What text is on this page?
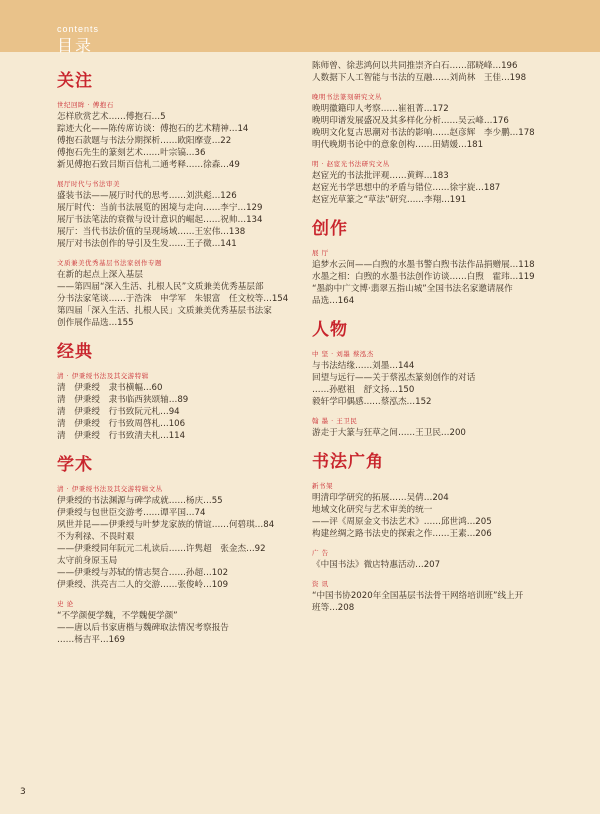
contents
目录
关注
世纪回眸 · 傅抱石
怎样欣赏艺术……傅抱石…5
踪迹大化——陈传席访谈：傅抱石的艺术精神…14
傅抱石款题与书法分期探析……欧阳摩壹…22
傅抱石先生的篆刻艺术……叶宗镐…36
新见傅抱石致吕斯百信札二通考释……徐森…49
展厅时代与书法审美
盛装书法——展厅时代的思考……刘洪彪…126
展厅时代：当前书法展览的困境与走向……李宁…129
展厅书法笔法的衰微与设计意识的崛起……祝帅…134
展厅：当代书法价值的呈现场域……王宏伟…138
展厅对书法创作的导引及生发……王子微…141
文质兼美优秀基层书法家创作专题
在新的起点上深入基层
——第四届“深入生活、扎根人民”文质兼美优秀基层部
分书法家笔谈……于浩洙　申学军　朱银富　任文校等…154
第四届「深入生活、扎根人民」文质兼美优秀基层书法家
创作展作品选…155
经典
清 · 伊秉绶书法及其交游特辑
清　伊秉绶　隶书横幅…60
清　伊秉绶　隶书临西狭颂轴…89
清　伊秉绶　行书致阮元札…94
清　伊秉绶　行书致周啓札…106
清　伊秉绶　行书致清夫札…114
学术
清 · 伊秉绶书法及其交游特辑文丛
伊秉绶的书法渊源与碑学成就……杨庆…55
伊秉绶与包世臣交游考……谭平国…74
夙世并昆——伊秉绶与叶梦龙家族的情谊……何碧琪…84
不为利禄、不畏时艰
——伊秉绶同年阮元二札读后……许隽超　张金杰…92
太守前身原玉局
——伊秉绶与苏轼的情志契合……孙超…102
伊秉绶、洪亮吉二人的交游……张俊岭…109
史 论
“不学颜便学魏，不学魏便学颜”
——唐以后书家唐楷与魏碑取法情况考察报告
……杨吉平…169
陈师曾、徐悲鸿何以共同推崇齐白石……邵晓峰…196
人数据下人工智能与书法的互融……刘尚林　王佳…198
晚明书法篆刻研究文丛
晚明徽籍印人考察……崔祖菁…172
晚明印谱发展盛况及其多样化分析……吴云峰…176
晚明文化复古思潮对书法的影响……赵彦辉　李少鹏…178
明代晚期书论中的意象创构……田婧媛…181
明 · 赵宧光书法研究文丛
赵宧光的书法批评观……黄辉…183
赵宧光书学思想中的矛盾与错位……徐宇旋…187
赵宧光草篆之“草法”研究……李翔…191
创作
展 厅
追梦水云间——白煦的水墨书警白煦书法作品捐赠展…118
水墨之相：白煦的水墨书法创作访谈……白煦　霍玮…119
“墨韵中广文博·翡翠五指山城”全国书法名家邀请展作
品选…164
人物
中 坚 · 刘墨 蔡泓杰
与书法结缘……刘墨…144
回望与远行——关于蔡泓杰篆刻创作的对话
……孙慰祖　舒文扬…150
毅轩学印偶感……蔡泓杰…152
翰 墨 · 王卫民
游走于大篆与狂草之间……王卫民…200
书法广角
新书架
明清印学研究的拓展……吴倩…204
地域文化研究与艺术审美的统一
——评《周原金文书法艺术》……邱世鸿…205
构建丝绸之路书法史的探索之作……王素…206
广 告
《中国书法》微店特惠活动…207
资 讯
“中国书协2020年全国基层书法骨干网络培训班”线上开
班等…208
3
